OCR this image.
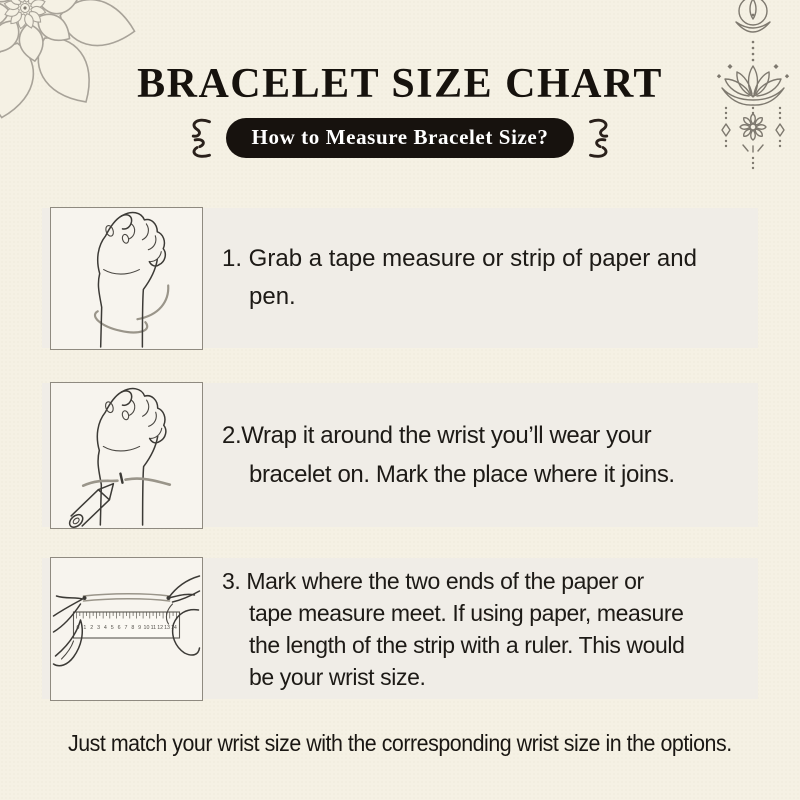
BRACELET SIZE CHART
How to Measure Bracelet Size?
1. Grab a tape measure or strip of paper and
pen.
2.Wrap it around the wrist you’ll wear your
bracelet on. Mark the place where it joins.
0 1 2 3 4 5 6 7 8 9 10 11 12 13 14
3. Mark where the two ends of the paper or
tape measure meet. If using paper, measure
the length of the strip with a ruler. This would
be your wrist size.
Just match your wrist size with the corresponding wrist size in the options.
